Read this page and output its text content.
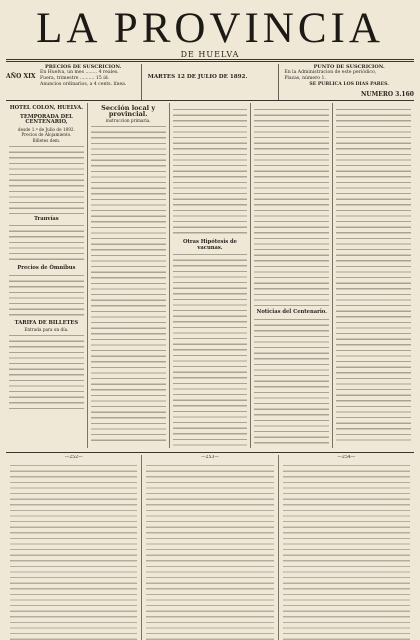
LA PROVINCIA
DE HUELVA
AÑO XIX
PRECIOS DE SUSCRICION.
En Huelva, un mes ........ 4 reales.
Fuera, trimestre .......... 15 íd.
Anuncios ordinarios, a 4 cents. línea.
MARTES 12 DE JULIO DE 1892.
PUNTO DE SUSCRICION.
En la Administracion de este periódico,
Plazas, número 1.
SE PUBLICA LOS DIAS PARES.
NUMERO 3.160
HOTEL COLON, HUELVA.
TEMPORADA DEL CENTENARIO,
desde 1.º de Julio de 1892.
Precios de Alojamiento.
Billetes dem.
Tranvías
Precios de Ómnibus
TARIFA DE BILLETES
Entrada para un día.
Sección local y provincial.
instruccion primaria.
Otras Hipótesis de vacunas.
Noticias del Centenario.
—252—	—253—	—254—
